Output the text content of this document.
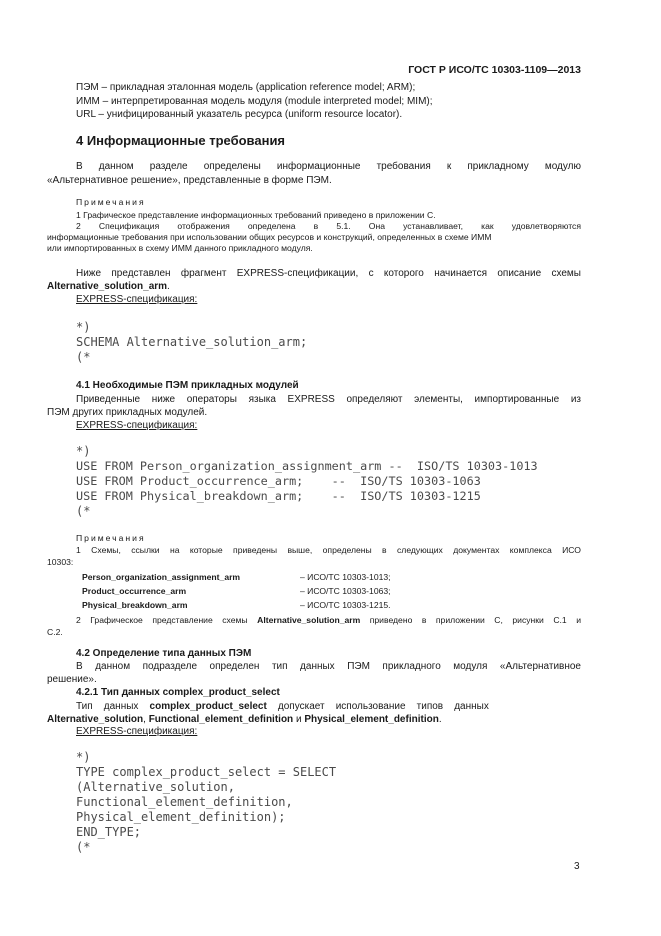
ГОСТ Р ИСО/ТС 10303-1109—2013
ПЭМ – прикладная эталонная модель (application reference model; ARM);
ИММ – интерпретированная модель модуля (module interpreted model; MIM);
URL – унифицированный указатель ресурса (uniform resource locator).
4 Информационные требования
В данном разделе определены информационные требования к прикладному модулю
«Альтернативное решение», представленные в форме ПЭМ.
Примечания
1 Графическое представление информационных требований приведено в приложении С.
2 Спецификация отображения определена в 5.1. Она устанавливает, как удовлетворяются
информационные требования при использовании общих ресурсов и конструкций, определенных в схеме ИММ
или импортированных в схему ИММ данного прикладного модуля.
Ниже представлен фрагмент EXPRESS-спецификации, с которого начинается описание схемы
Alternative_solution_arm.
EXPRESS-спецификация:
*)
SCHEMA Alternative_solution_arm;
(*
4.1 Необходимые ПЭМ прикладных модулей
Приведенные ниже операторы языка EXPRESS определяют элементы, импортированные из
ПЭМ других прикладных модулей.
EXPRESS-спецификация:
*)
USE FROM Person_organization_assignment_arm --  ISO/TS 10303-1013
USE FROM Product_occurrence_arm;    --  ISO/TS 10303-1063
USE FROM Physical_breakdown_arm;    --  ISO/TS 10303-1215
(*
Примечания
1 Схемы, ссылки на которые приведены выше, определены в следующих документах комплекса ИСО
10303:
Person_organization_assignment_arm	– ИСО/ТС 10303-1013;
Product_occurrence_arm	– ИСО/ТС 10303-1063;
Physical_breakdown_arm	– ИСО/ТС 10303-1215.
2 Графическое представление схемы Alternative_solution_arm приведено в приложении С, рисунки С.1 и
С.2.
4.2 Определение типа данных ПЭМ
В данном подразделе определен тип данных ПЭМ прикладного модуля «Альтернативное
решение».
4.2.1 Тип данных complex_product_select
Тип    данных    complex_product_select    допускает    использование    типов    данных
Alternative_solution, Functional_element_definition и Physical_element_definition.
EXPRESS-спецификация:
*)
TYPE complex_product_select = SELECT
(Alternative_solution,
Functional_element_definition,
Physical_element_definition);
END_TYPE;
(*
3
